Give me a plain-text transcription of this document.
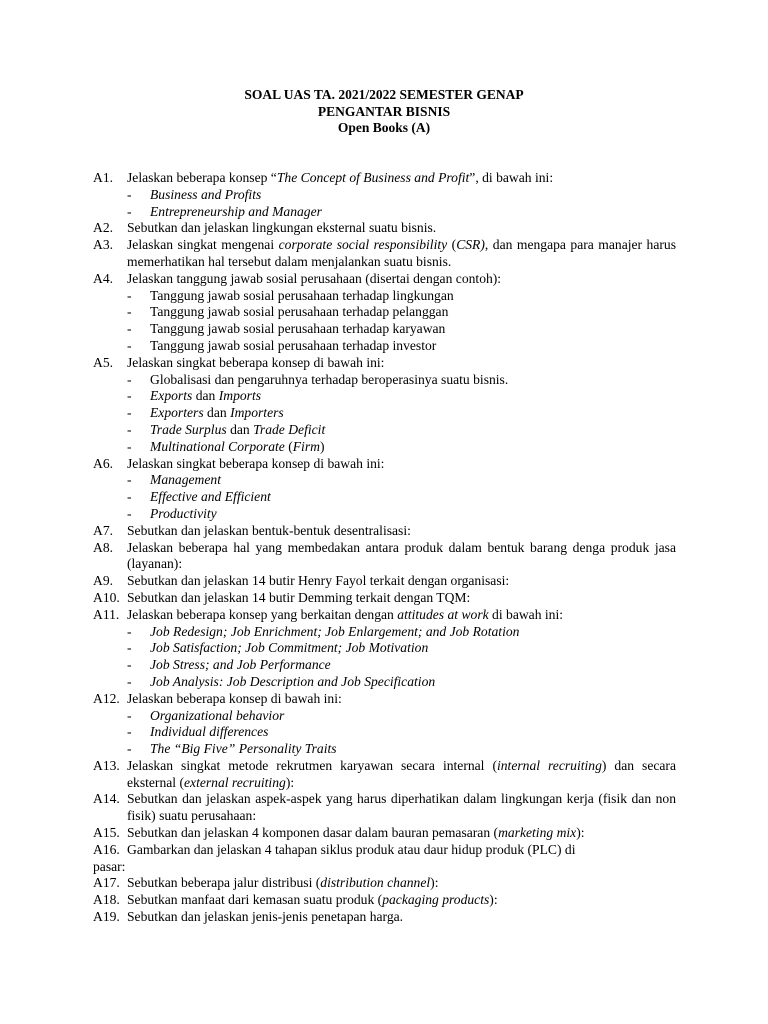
SOAL UAS TA. 2021/2022 SEMESTER GENAP
PENGANTAR BISNIS
Open Books (A)
A1. Jelaskan beberapa konsep “The Concept of Business and Profit”, di bawah ini:
- Business and Profits
- Entrepreneurship and Manager
A2. Sebutkan dan jelaskan lingkungan eksternal suatu bisnis.
A3. Jelaskan singkat mengenai corporate social responsibility (CSR), dan mengapa para manajer harus memerhatikan hal tersebut dalam menjalankan suatu bisnis.
A4. Jelaskan tanggung jawab sosial perusahaan (disertai dengan contoh):
- Tanggung jawab sosial perusahaan terhadap lingkungan
- Tanggung jawab sosial perusahaan terhadap pelanggan
- Tanggung jawab sosial perusahaan terhadap karyawan
- Tanggung jawab sosial perusahaan terhadap investor
A5. Jelaskan singkat beberapa konsep di bawah ini:
- Globalisasi dan pengaruhnya terhadap beroperasinya suatu bisnis.
- Exports dan Imports
- Exporters dan Importers
- Trade Surplus dan Trade Deficit
- Multinational Corporate (Firm)
A6. Jelaskan singkat beberapa konsep di bawah ini:
- Management
- Effective and Efficient
- Productivity
A7. Sebutkan dan jelaskan bentuk-bentuk desentralisasi:
A8. Jelaskan beberapa hal yang membedakan antara produk dalam bentuk barang denga produk jasa (layanan):
A9. Sebutkan dan jelaskan 14 butir Henry Fayol terkait dengan organisasi:
A10. Sebutkan dan jelaskan 14 butir Demming terkait dengan TQM:
A11. Jelaskan beberapa konsep yang berkaitan dengan attitudes at work di bawah ini:
- Job Redesign; Job Enrichment; Job Enlargement; and Job Rotation
- Job Satisfaction; Job Commitment; Job Motivation
- Job Stress; and Job Performance
- Job Analysis: Job Description and Job Specification
A12. Jelaskan beberapa konsep di bawah ini:
- Organizational behavior
- Individual differences
- The “Big Five” Personality Traits
A13. Jelaskan singkat metode rekrutmen karyawan secara internal (internal recruiting) dan secara eksternal (external recruiting):
A14. Sebutkan dan jelaskan aspek-aspek yang harus diperhatikan dalam lingkungan kerja (fisik dan non fisik) suatu perusahaan:
A15. Sebutkan dan jelaskan 4 komponen dasar dalam bauran pemasaran (marketing mix):
A16. Gambarkan dan jelaskan 4 tahapan siklus produk atau daur hidup produk (PLC) di
pasar:
A17. Sebutkan beberapa jalur distribusi (distribution channel):
A18. Sebutkan manfaat dari kemasan suatu produk (packaging products):
A19. Sebutkan dan jelaskan jenis-jenis penetapan harga.
